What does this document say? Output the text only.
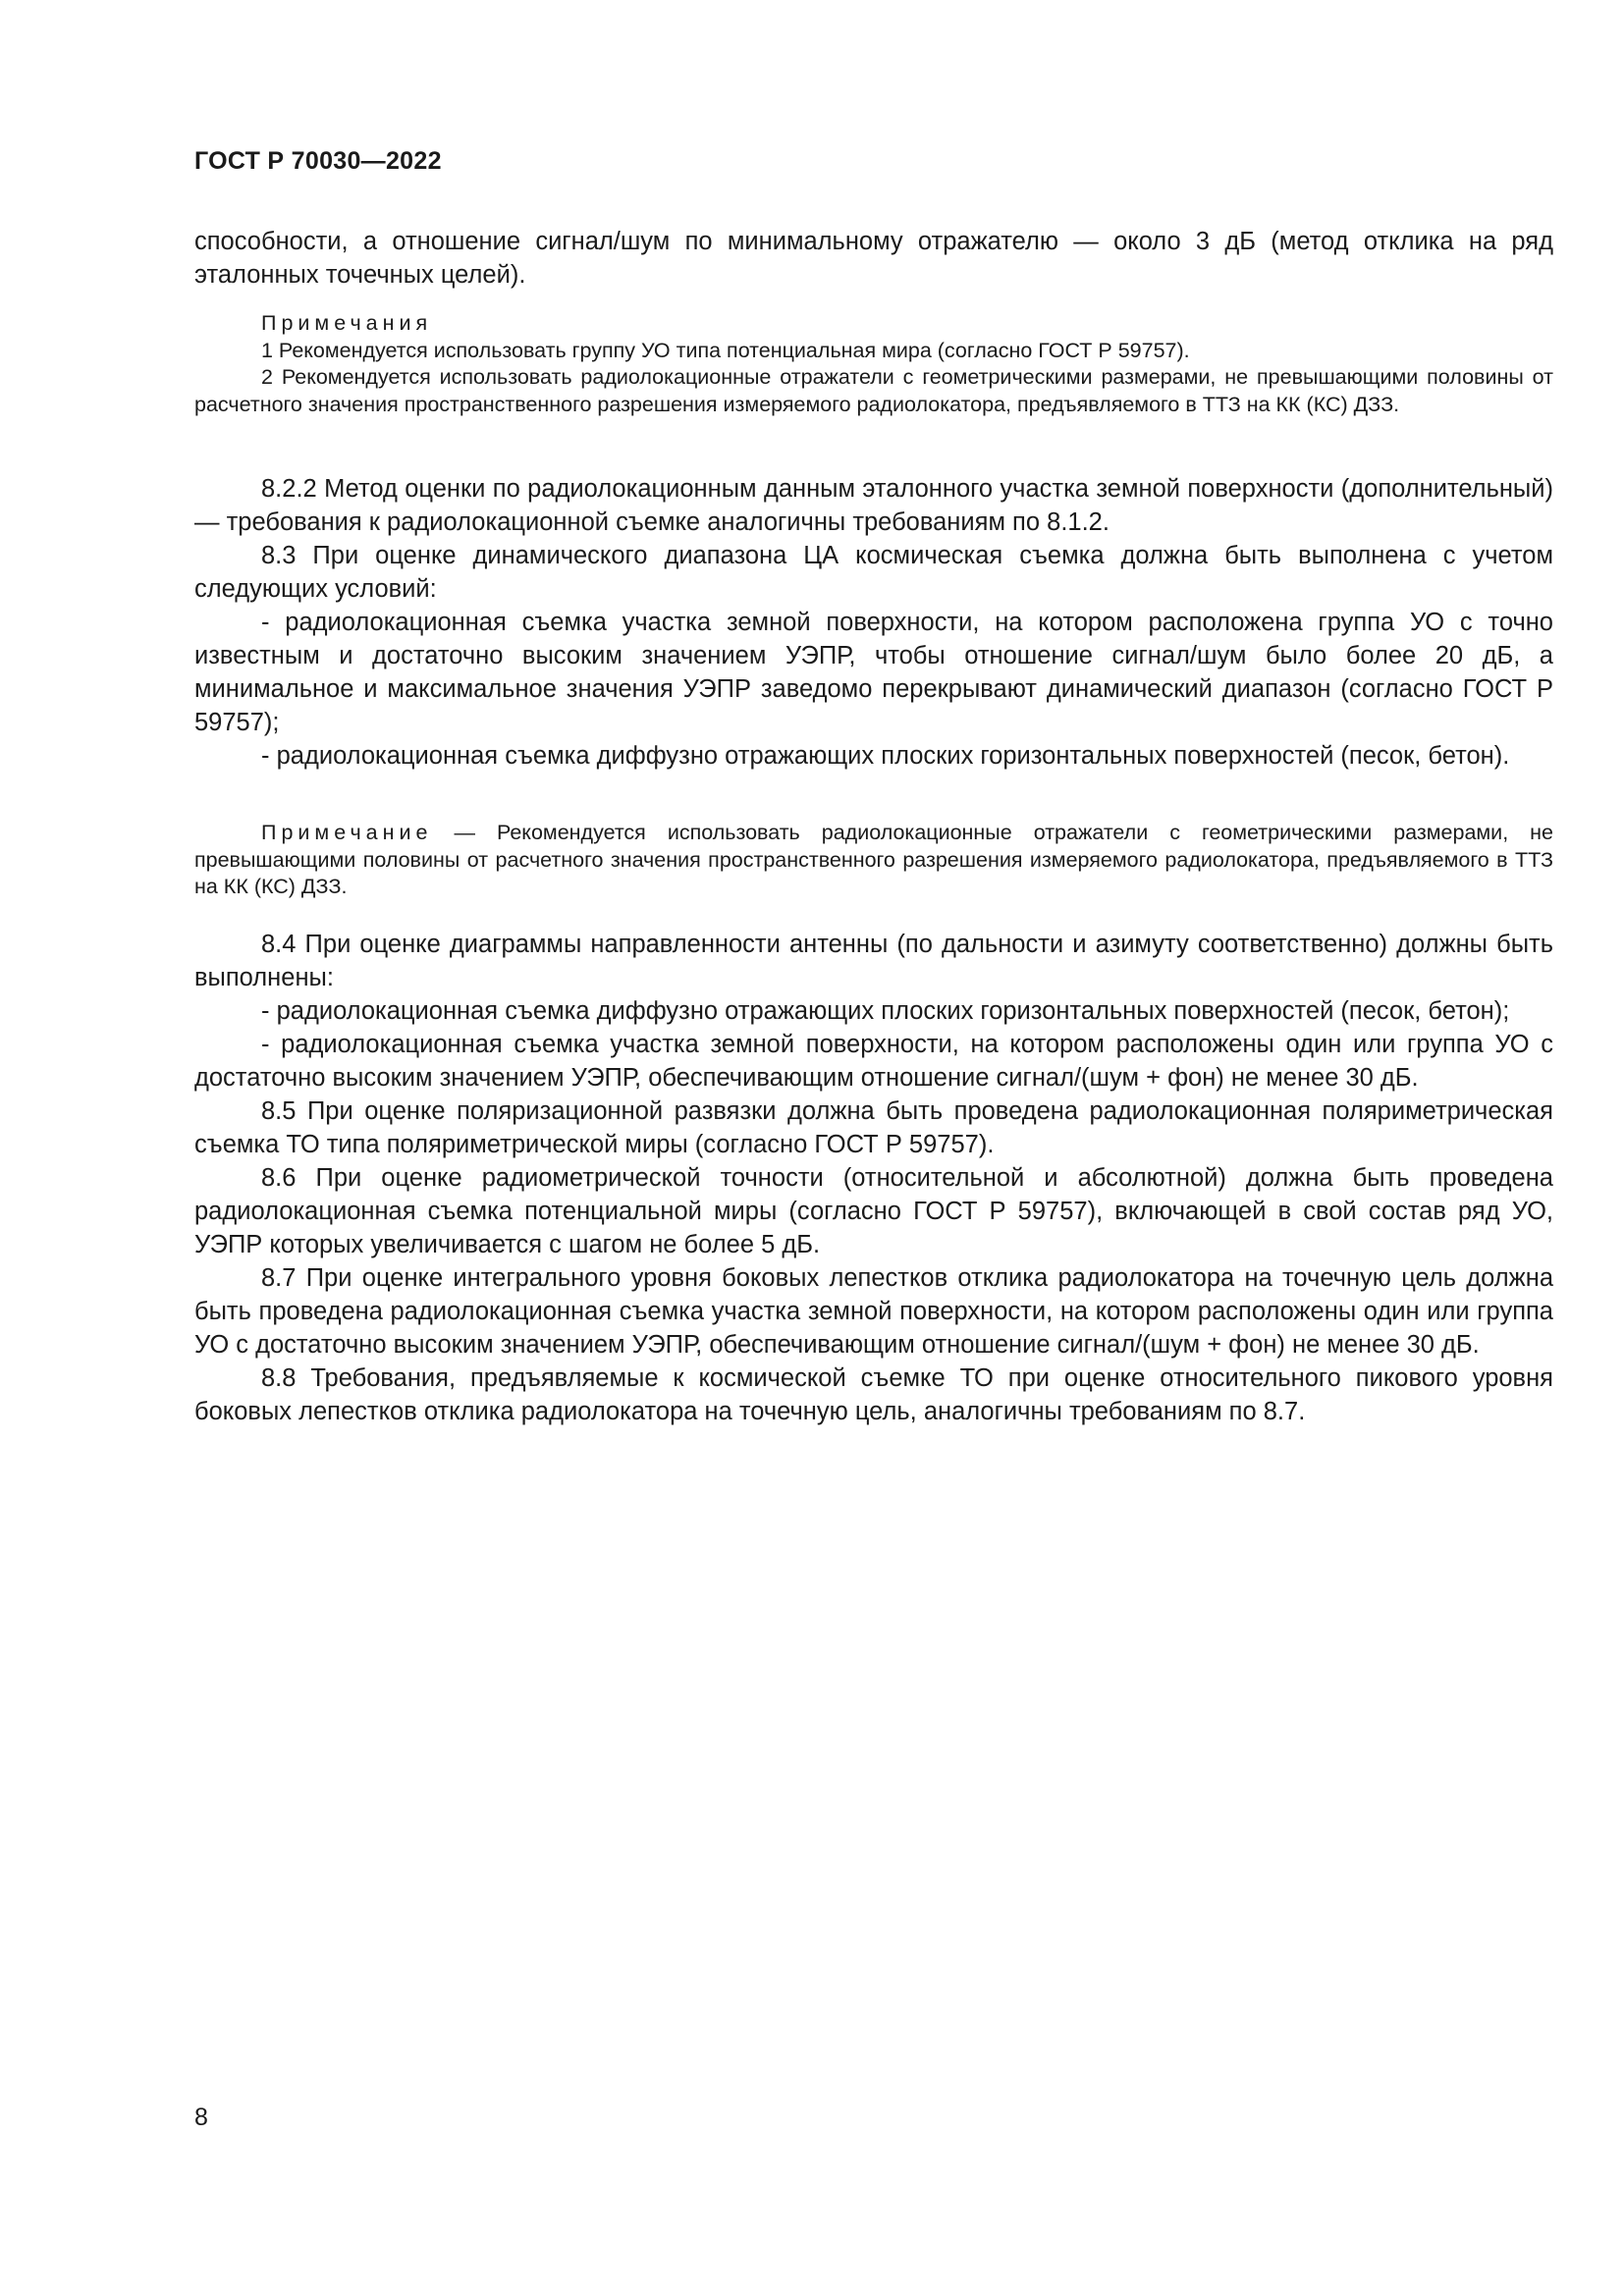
ГОСТ Р 70030—2022

способности, а отношение сигнал/шум по минимальному отражателю — около 3 дБ (метод отклика на ряд эталонных точечных целей).

Примечания

1 Рекомендуется использовать группу УО типа потенциальная мира (согласно ГОСТ Р 59757).

2 Рекомендуется использовать радиолокационные отражатели с геометрическими размерами, не превышающими половины от расчетного значения пространственного разрешения измеряемого радиолокатора, предъявляемого в ТТЗ на КК (КС) ДЗЗ.

8.2.2 Метод оценки по радиолокационным данным эталонного участка земной поверхности (дополнительный) — требования к радиолокационной съемке аналогичны требованиям по 8.1.2.

8.3 При оценке динамического диапазона ЦА космическая съемка должна быть выполнена с учетом следующих условий:

- радиолокационная съемка участка земной поверхности, на котором расположена группа УО с точно известным и достаточно высоким значением УЭПР, чтобы отношение сигнал/шум было более 20 дБ, а минимальное и максимальное значения УЭПР заведомо перекрывают динамический диапазон (согласно ГОСТ Р 59757);

- радиолокационная съемка диффузно отражающих плоских горизонтальных поверхностей (песок, бетон).

Примечание — Рекомендуется использовать радиолокационные отражатели с геометрическими размерами, не превышающими половины от расчетного значения пространственного разрешения измеряемого радиолокатора, предъявляемого в ТТЗ на КК (КС) ДЗЗ.

8.4 При оценке диаграммы направленности антенны (по дальности и азимуту соответственно) должны быть выполнены:

- радиолокационная съемка диффузно отражающих плоских горизонтальных поверхностей (песок, бетон);

- радиолокационная съемка участка земной поверхности, на котором расположены один или группа УО с достаточно высоким значением УЭПР, обеспечивающим отношение сигнал/(шум + фон) не менее 30 дБ.

8.5 При оценке поляризационной развязки должна быть проведена радиолокационная поляриметрическая съемка ТО типа поляриметрической миры (согласно ГОСТ Р 59757).

8.6 При оценке радиометрической точности (относительной и абсолютной) должна быть проведена радиолокационная съемка потенциальной миры (согласно ГОСТ Р 59757), включающей в свой состав ряд УО, УЭПР которых увеличивается с шагом не более 5 дБ.

8.7 При оценке интегрального уровня боковых лепестков отклика радиолокатора на точечную цель должна быть проведена радиолокационная съемка участка земной поверхности, на котором расположены один или группа УО с достаточно высоким значением УЭПР, обеспечивающим отношение сигнал/(шум + фон) не менее 30 дБ.

8.8 Требования, предъявляемые к космической съемке ТО при оценке относительного пикового уровня боковых лепестков отклика радиолокатора на точечную цель, аналогичны требованиям по 8.7.

8
